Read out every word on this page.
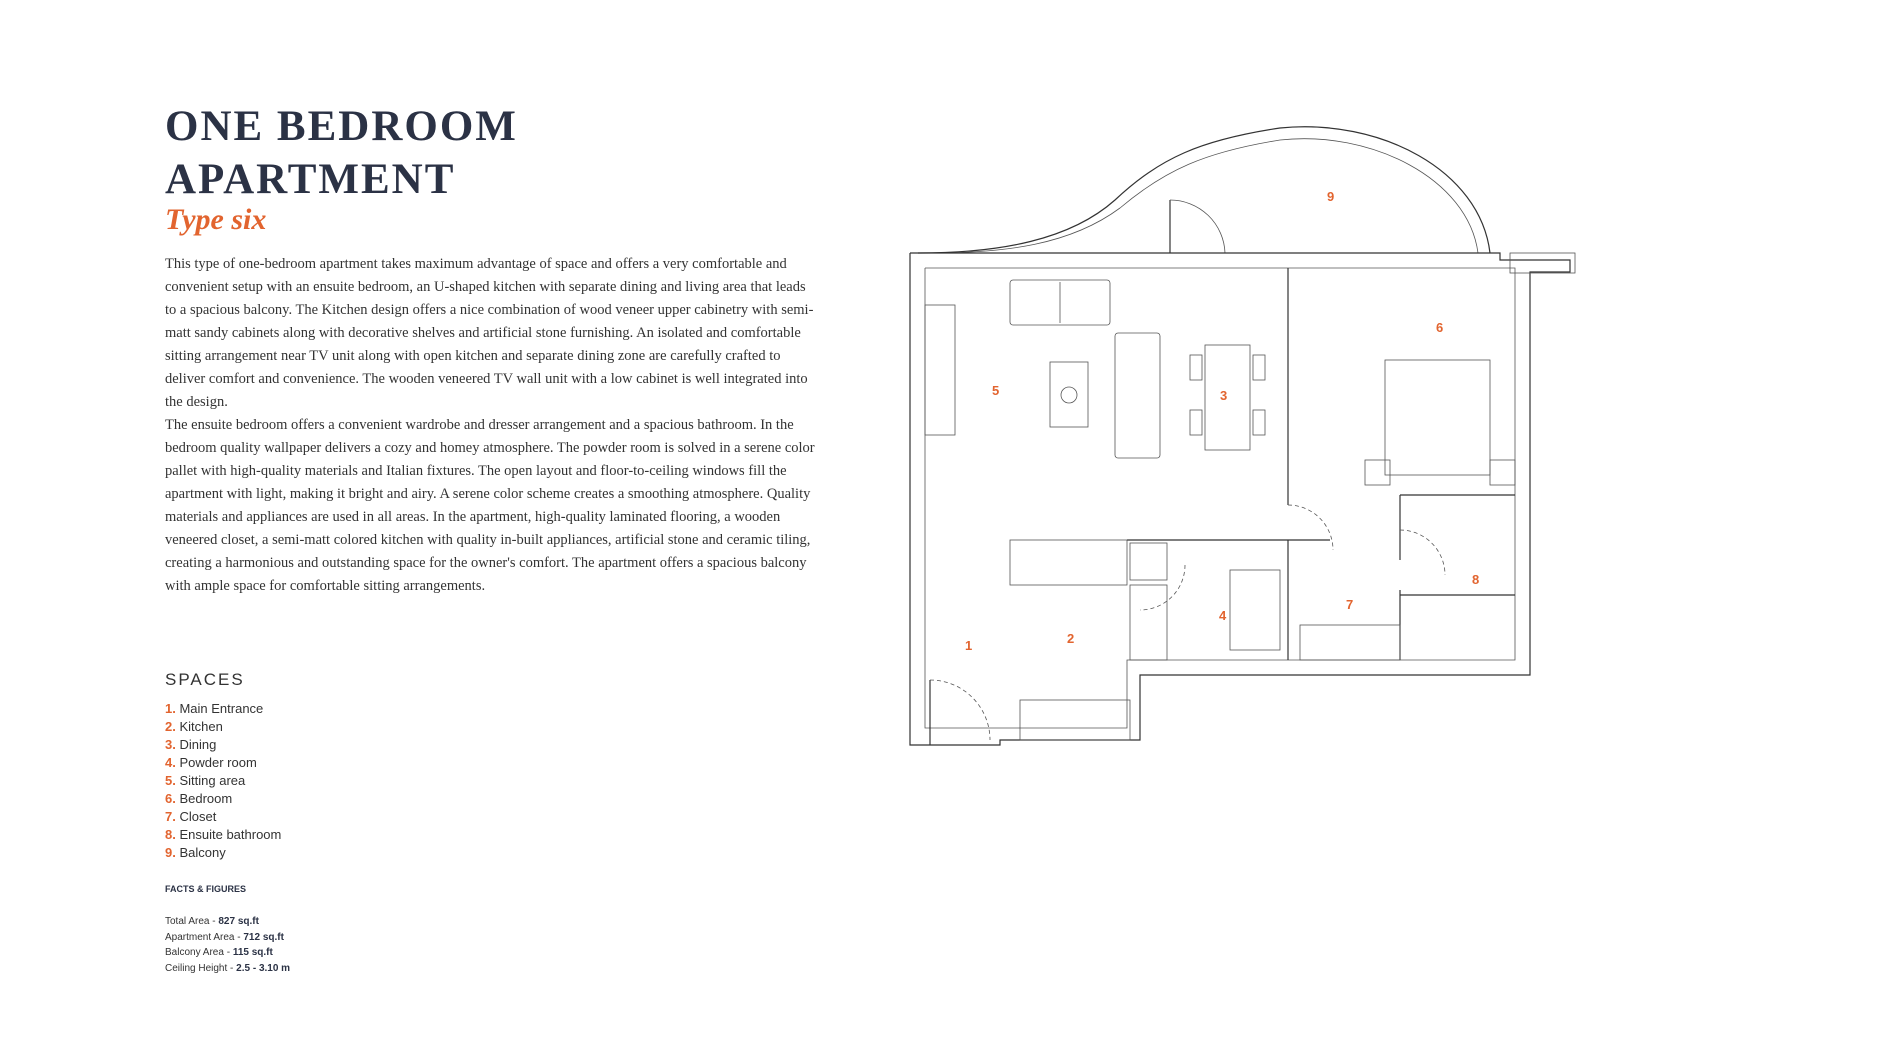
ONE BEDROOM
APARTMENT
Type six

This type of one-bedroom apartment takes maximum advantage of space and offers a very comfortable and convenient setup with an ensuite bedroom, an U-shaped kitchen with separate dining and living area that leads to a spacious balcony. The Kitchen design offers a nice combination of wood veneer upper cabinetry with semi-matt sandy cabinets along with decorative shelves and artificial stone furnishing. An isolated and comfortable sitting arrangement near TV unit along with open kitchen and separate dining zone are carefully crafted to deliver comfort and convenience. The wooden veneered TV wall unit with a low cabinet is well integrated into the design.

The ensuite bedroom offers a convenient wardrobe and dresser arrangement and a spacious bathroom. In the bedroom quality wallpaper delivers a cozy and homey atmosphere. The powder room is solved in a serene color pallet with high-quality materials and Italian fixtures. The open layout and floor-to-ceiling windows fill the apartment with light, making it bright and airy. A serene color scheme creates a smoothing atmosphere. Quality materials and appliances are used in all areas. In the apartment, high-quality laminated flooring, a wooden veneered closet, a semi-matt colored kitchen with quality in-built appliances, artificial stone and ceramic tiling, creating a harmonious and outstanding space for the owner's comfort. The apartment offers a spacious balcony with ample space for comfortable sitting arrangements.

SPACES
1. Main Entrance
2. Kitchen
3. Dining
4. Powder room
5. Sitting area
6. Bedroom
7. Closet
8. Ensuite bathroom
9. Balcony
FACTS & FIGURES
Total Area - 827 sq.ft
Apartment Area - 712 sq.ft
Balcony Area - 115 sq.ft
Ceiling Height - 2.5 - 3.10 m
1	2
3
4
5
6
7
8
9
